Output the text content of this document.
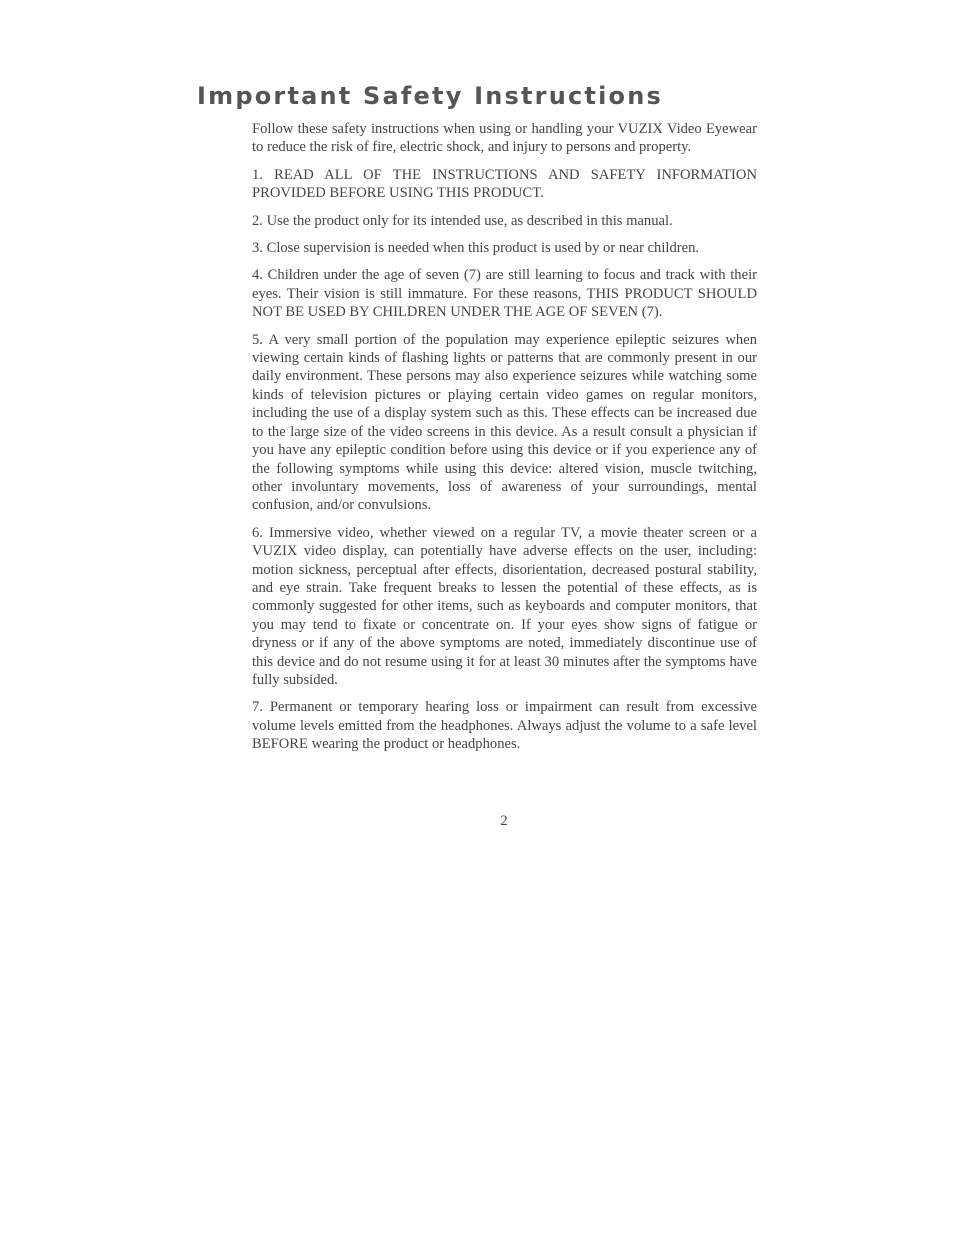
Important Safety Instructions

Follow these safety instructions when using or handling your VUZIX Video Eyewear to reduce the risk of fire, electric shock, and injury to persons and property.

1. READ ALL OF THE INSTRUCTIONS AND SAFETY INFORMATION PROVIDED BEFORE USING THIS PRODUCT.

2. Use the product only for its intended use, as described in this manual.

3. Close supervision is needed when this product is used by or near children.

4. Children under the age of seven (7) are still learning to focus and track with their eyes. Their vision is still immature. For these reasons, THIS PRODUCT SHOULD NOT BE USED BY CHILDREN UNDER THE AGE OF SEVEN (7).

5. A very small portion of the population may experience epileptic seizures when viewing certain kinds of flashing lights or patterns that are commonly present in our daily environment. These persons may also experience seizures while watching some kinds of television pictures or playing certain video games on regular monitors, including the use of a display system such as this. These effects can be increased due to the large size of the video screens in this device. As a result consult a physician if you have any epileptic condition before using this device or if you experience any of the following symptoms while using this device: altered vision, muscle twitching, other involuntary movements, loss of awareness of your surroundings, mental confusion, and/or convulsions.

6. Immersive video, whether viewed on a regular TV, a movie theater screen or a VUZIX video display, can potentially have adverse effects on the user, including: motion sickness, perceptual after effects, disorientation, decreased postural stability, and eye strain. Take frequent breaks to lessen the potential of these effects, as is commonly suggested for other items, such as keyboards and computer monitors, that you may tend to fixate or concentrate on. If your eyes show signs of fatigue or dryness or if any of the above symptoms are noted, immediately discontinue use of this device and do not resume using it for at least 30 minutes after the symptoms have fully subsided.

7. Permanent or temporary hearing loss or impairment can result from excessive volume levels emitted from the headphones. Always adjust the volume to a safe level BEFORE wearing the product or headphones.

2
